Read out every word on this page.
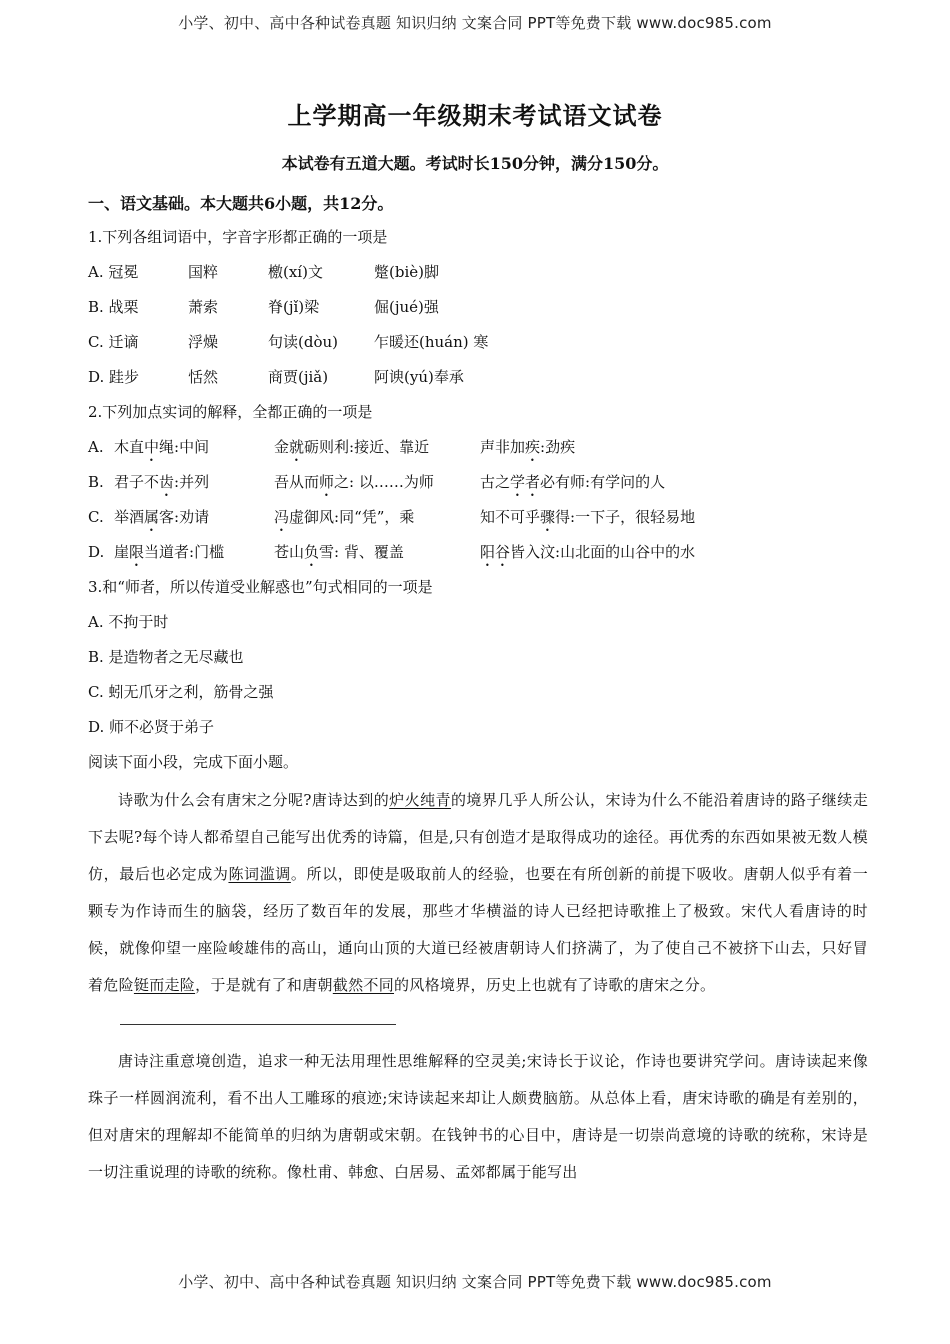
小学、初中、高中各种试卷真题 知识归纳 文案合同 PPT等免费下载 www.doc985.com
上学期高一年级期末考试语文试卷
本试卷有五道大题。考试时长150分钟，满分150分。
一、语文基础。本大题共6小题，共12分。
1.下列各组词语中，字音字形都正确的一项是
A. 冠冕	国粹	檄(xí)文	蹩(biè)脚
B. 战栗	萧索	脊(jǐ)梁	倔(jué)强
C. 迁谪	浮燥	句读(dòu) 乍暖还(huán) 寒
D. 跬步	恬然	商贾(jiǎ)	阿谀(yú)奉承
2.下列加点实词的解释，全都正确的一项是
A. 木直中绳:中间	金就砺则利:接近、靠近	声非加疾:劲疾
B. 君子不齿:并列	吾从而师之: 以……为师	古之学者必有师:有学问的人
C. 举酒属客:劝请	冯虚御风:同“凭”，乘	知不可乎骤得:一下子，很轻易地
D. 崖限当道者:门槛	苍山负雪: 背、覆盖	阳谷皆入汶:山北面的山谷中的水
3.和“师者，所以传道受业解惑也”句式相同的一项是
A. 不拘于时
B. 是造物者之无尽藏也
C. 蚓无爪牙之利，筋骨之强
D. 师不必贤于弟子
阅读下面小段，完成下面小题。

诗歌为什么会有唐宋之分呢?唐诗达到的炉火纯青的境界几乎人所公认，宋诗为什么不能沿着唐诗的路子继续走下去呢?每个诗人都希望自己能写出优秀的诗篇，但是,只有创造才是取得成功的途径。再优秀的东西如果被无数人模仿，最后也必定成为陈词滥调。所以，即使是吸取前人的经验，也要在有所创新的前提下吸收。唐朝人似乎有着一颗专为作诗而生的脑袋，经历了数百年的发展，那些才华横溢的诗人已经把诗歌推上了极致。宋代人看唐诗的时候，就像仰望一座险峻雄伟的高山，通向山顶的大道已经被唐朝诗人们挤满了，为了使自己不被挤下山去，只好冒着危险铤而走险，于是就有了和唐朝截然不同的风格境界，历史上也就有了诗歌的唐宋之分。

唐诗注重意境创造，追求一种无法用理性思维解释的空灵美;宋诗长于议论，作诗也要讲究学问。唐诗读起来像珠子一样圆润流利，看不出人工雕琢的痕迹;宋诗读起来却让人颇费脑筋。从总体上看，唐宋诗歌的确是有差别的，但对唐宋的理解却不能简单的归纳为唐朝或宋朝。在钱钟书的心目中，唐诗是一切崇尚意境的诗歌的统称，宋诗是一切注重说理的诗歌的统称。像杜甫、韩愈、白居易、孟郊都属于能写出

小学、初中、高中各种试卷真题 知识归纳 文案合同 PPT等免费下载 www.doc985.com
